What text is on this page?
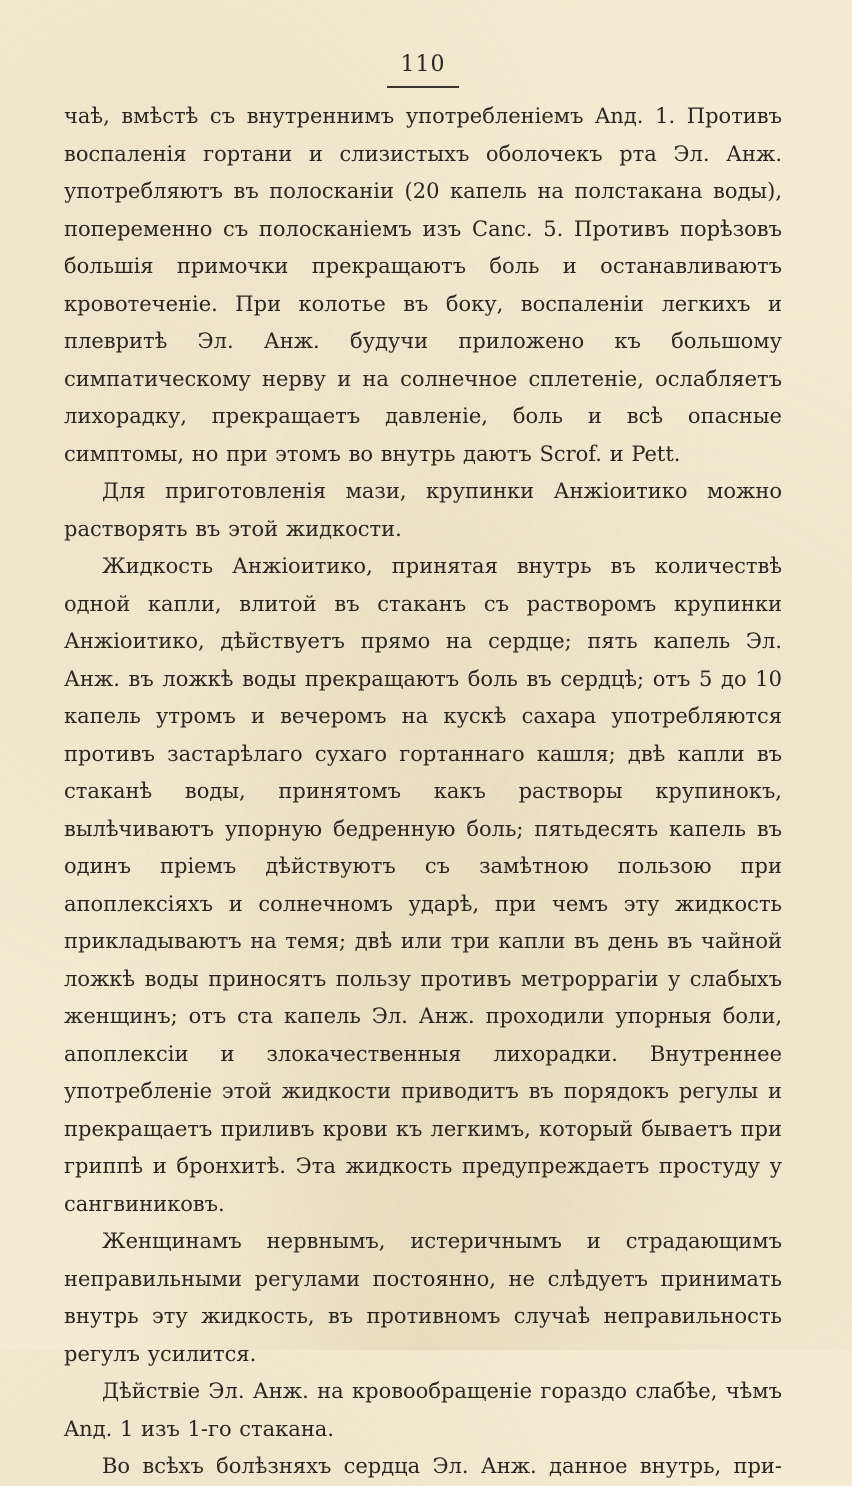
110

чаѣ, вмѣстѣ съ внутреннимъ употребленіемъ Anд. 1. Противъ воспаленія гортани и слизистыхъ оболочекъ рта Эл. Анж. употребляютъ въ полосканіи (20 капель на полстакана воды), попеременно съ полосканіемъ изъ Canc. 5. Противъ порѣзовъ большія примочки прекращаютъ боль и останавливаютъ кровотеченіе. При колотье въ боку, воспаленіи легкихъ и плевритѣ Эл. Анж. будучи приложено къ большому симпатическому нерву и на солнечное сплетеніе, ослабляетъ лихорадку, прекращаетъ давленіе, боль и всѣ опасные симптомы, но при этомъ во внутрь даютъ Scrof. и Pett.

Для приготовленія мази, крупинки Анжіоитико можно растворять въ этой жидкости.

Жидкость Анжіоитико, принятая внутрь въ количествѣ одной капли, влитой въ стаканъ съ растворомъ крупинки Анжіоитико, дѣйствуетъ прямо на сердце; пять капель Эл. Анж. въ ложкѣ воды прекращаютъ боль въ сердцѣ; отъ 5 до 10 капель утромъ и вечеромъ на кускѣ сахара употребляются противъ застарѣлаго сухаго гортаннаго кашля; двѣ капли въ стаканѣ воды, принятомъ какъ растворы крупинокъ, вылѣчиваютъ упорную бедренную боль; пятьдесять капель въ одинъ пріемъ дѣйствуютъ съ замѣтною пользою при апоплексіяхъ и солнечномъ ударѣ, при чемъ эту жидкость прикладываютъ на темя; двѣ или три капли въ день въ чайной ложкѣ воды приносятъ пользу противъ метроррагіи у слабыхъ женщинъ; отъ ста капель Эл. Анж. проходили упорныя боли, апоплексіи и злокачественныя лихорадки. Внутреннее употребленіе этой жидкости приводитъ въ порядокъ регулы и прекращаетъ приливъ крови къ легкимъ, который бываетъ при гриппѣ и бронхитѣ. Эта жидкость предупреждаетъ простуду у сангвиниковъ.

Женщинамъ нервнымъ, истеричнымъ и страдающимъ неправильными регулами постоянно, не слѣдуетъ принимать внутрь эту жидкость, въ противномъ случаѣ неправильность регулъ усилится.

Дѣйствіе Эл. Анж. на кровообращеніе гораздо слабѣе, чѣмъ Anд. 1 изъ 1-го стакана.

Во всѣхъ болѣзняхъ сердца Эл. Анж. данное внутрь, при-
